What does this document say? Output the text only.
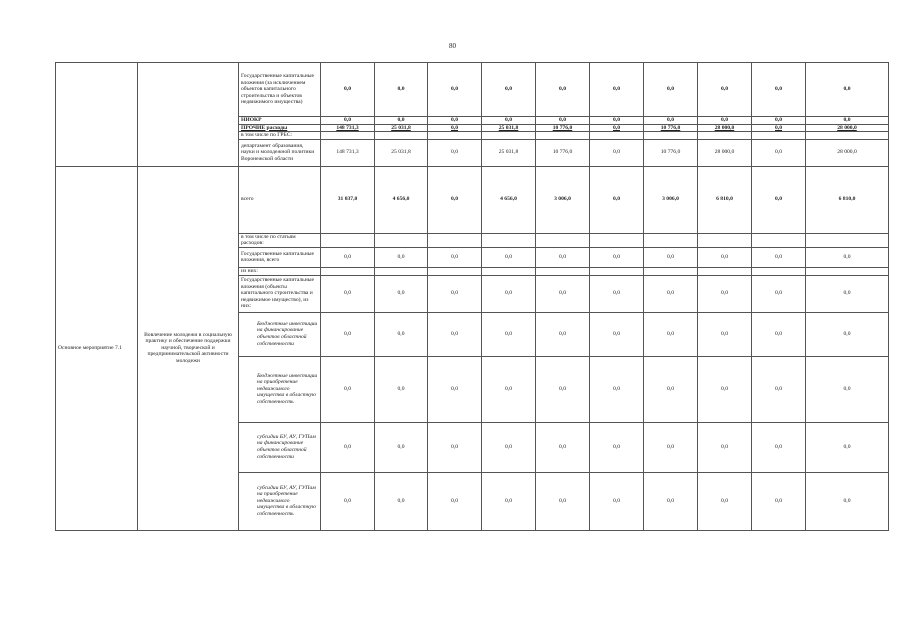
80
		Государственные капитальные вложения (за исключением объектов капитального строительства и объектов недвижимого имущества)	0,0	0,0	0,0	0,0	0,0	0,0	0,0	0,0	0,0	0,0
		НИОКР	0,0	0,0	0,0	0,0	0,0	0,0	0,0	0,0	0,0	0,0
		ПРОЧИЕ расходы	148 731,3	25 031,8	0,0	25 031,8	10 776,0	0,0	10 776,0	28 000,0	0,0	28 000,0
		в том числе по ГРБС:										
		департамент образования, науки и молодежной политики Воронежской области	148 731,3	25 031,8	0,0	25 031,8	10 776,0	0,0	10 776,0	28 000,0	0,0	28 000,0
Основное мероприятие 7.1	Вовлечение молодежи в социальную практику и обеспечение поддержки научной, творческой и предпринимательской активности молодежи	всего	31 037,0	4 656,0	0,0	4 656,0	3 006,0	0,0	3 006,0	6 810,0	0,0	6 810,0
		в том числе по статьям расходов:										
		Государственные капитальные вложения, всего	0,0	0,0	0,0	0,0	0,0	0,0	0,0	0,0	0,0	0,0
		из них:										
		Государственные капитальные вложения (объекты капитального строительства и недвижимое имущество), из них:	0,0	0,0	0,0	0,0	0,0	0,0	0,0	0,0	0,0	0,0
		Бюджетные инвестиции на финансирование объектов областной собственности	0,0	0,0	0,0	0,0	0,0	0,0	0,0	0,0	0,0	0,0
		Бюджетные инвестиции на приобретение недвижимого имущества в областную собственность	0,0	0,0	0,0	0,0	0,0	0,0	0,0	0,0	0,0	0,0
		субсидии БУ, АУ, ГУПам на финансирование объектов областной собственности	0,0	0,0	0,0	0,0	0,0	0,0	0,0	0,0	0,0	0,0
		субсидии БУ, АУ, ГУПам на приобретение недвижимого имущества в областную собственность	0,0	0,0	0,0	0,0	0,0	0,0	0,0	0,0	0,0	0,0
